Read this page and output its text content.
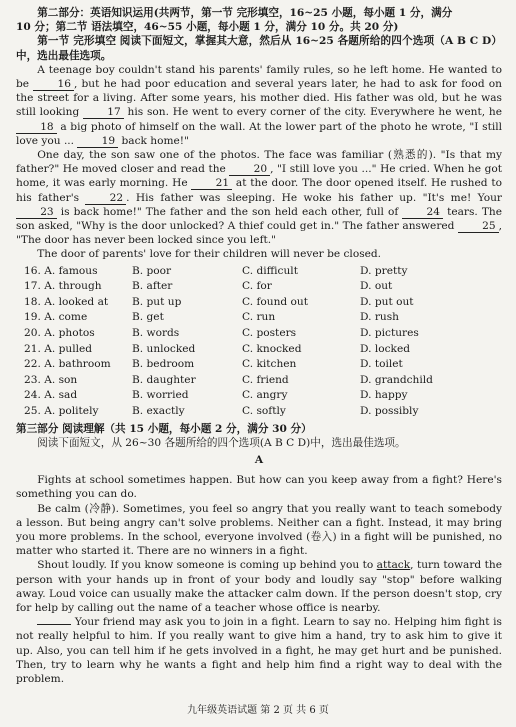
第二部分：英语知识运用(共两节，第一节 完形填空，16~25 小题，每小题 1 分，满分

10 分；第二节 语法填空，46~55 小题，每小题 1 分，满分 10 分。共 20 分)

第一节 完形填空 阅读下面短文，掌握其大意，然后从 16~25 各题所给的四个选项（A B C D）中，选出最佳选项。

A teenage boy couldn't stand his parents' family rules, so he left home. He wanted to be	16 , but he had poor education and several years later, he had to ask for food on the street for a living. After some years, his mother died. His father was old, but he was still looking	17 his son. He went to every corner of the city. Everywhere he went, he 18 a big photo of himself on the wall. At the lower part of the photo he wrote, "I still love you ...	19 back home!"

One day, the son saw one of the photos. The face was familiar (熟悉的). "Is that my father?" He moved closer and read the	20 , "I still love you ..." He cried. When he got home, it was early morning. He	21 at the door. The door opened itself. He rushed to his father's	22 . His father was sleeping. He woke his father up. "It's me! Your 23 is back home!" The father and the son held each other, full of	24 tears. The son asked, "Why is the door unlocked? A thief could get in." The father answered	25 , "The door has never been locked since you left."

The door of parents' love for their children will never be closed.

16. A. famous	B. poor	C. difficult	D. pretty
17. A. through	B. after	C. for	D. out
18. A. looked at	B. put up	C. found out	D. put out
19. A. come	B. get	C. run	D. rush
20. A. photos	B. words	C. posters	D. pictures
21. A. pulled	B. unlocked	C. knocked	D. locked
22. A. bathroom	B. bedroom	C. kitchen	D. toilet
23. A. son	B. daughter	C. friend	D. grandchild
24. A. sad	B. worried	C. angry	D. happy
25. A. politely	B. exactly	C. softly	D. possibly

第三部分 阅读理解（共 15 小题，每小题 2 分，满分 30 分）

阅读下面短文，从 26~30 各题所给的四个选项(A B C D)中，选出最佳选项。

A

Fights at school sometimes happen. But how can you keep away from a fight? Here's something you can do.

Be calm (冷静). Sometimes, you feel so angry that you really want to teach somebody a lesson. But being angry can't solve problems. Neither can a fight. Instead, it may bring you more problems. In the school, everyone involved (卷入) in a fight will be punished, no matter who started it. There are no winners in a fight.

Shout loudly. If you know someone is coming up behind you to attack, turn toward the person with your hands up in front of your body and loudly say "stop" before walking away. Loud voice can usually make the attacker calm down. If the person doesn't stop, cry for help by calling out the name of a teacher whose office is nearby.

Your friend may ask you to join in a fight. Learn to say no. Helping him fight is not really helpful to him. If you really want to give him a hand, try to ask him to give it up. Also, you can tell him if he gets involved in a fight, he may get hurt and be punished. Then, try to learn why he wants a fight and help him find a right way to deal with the problem.

九年级英语试题 第 2 页 共 6 页
